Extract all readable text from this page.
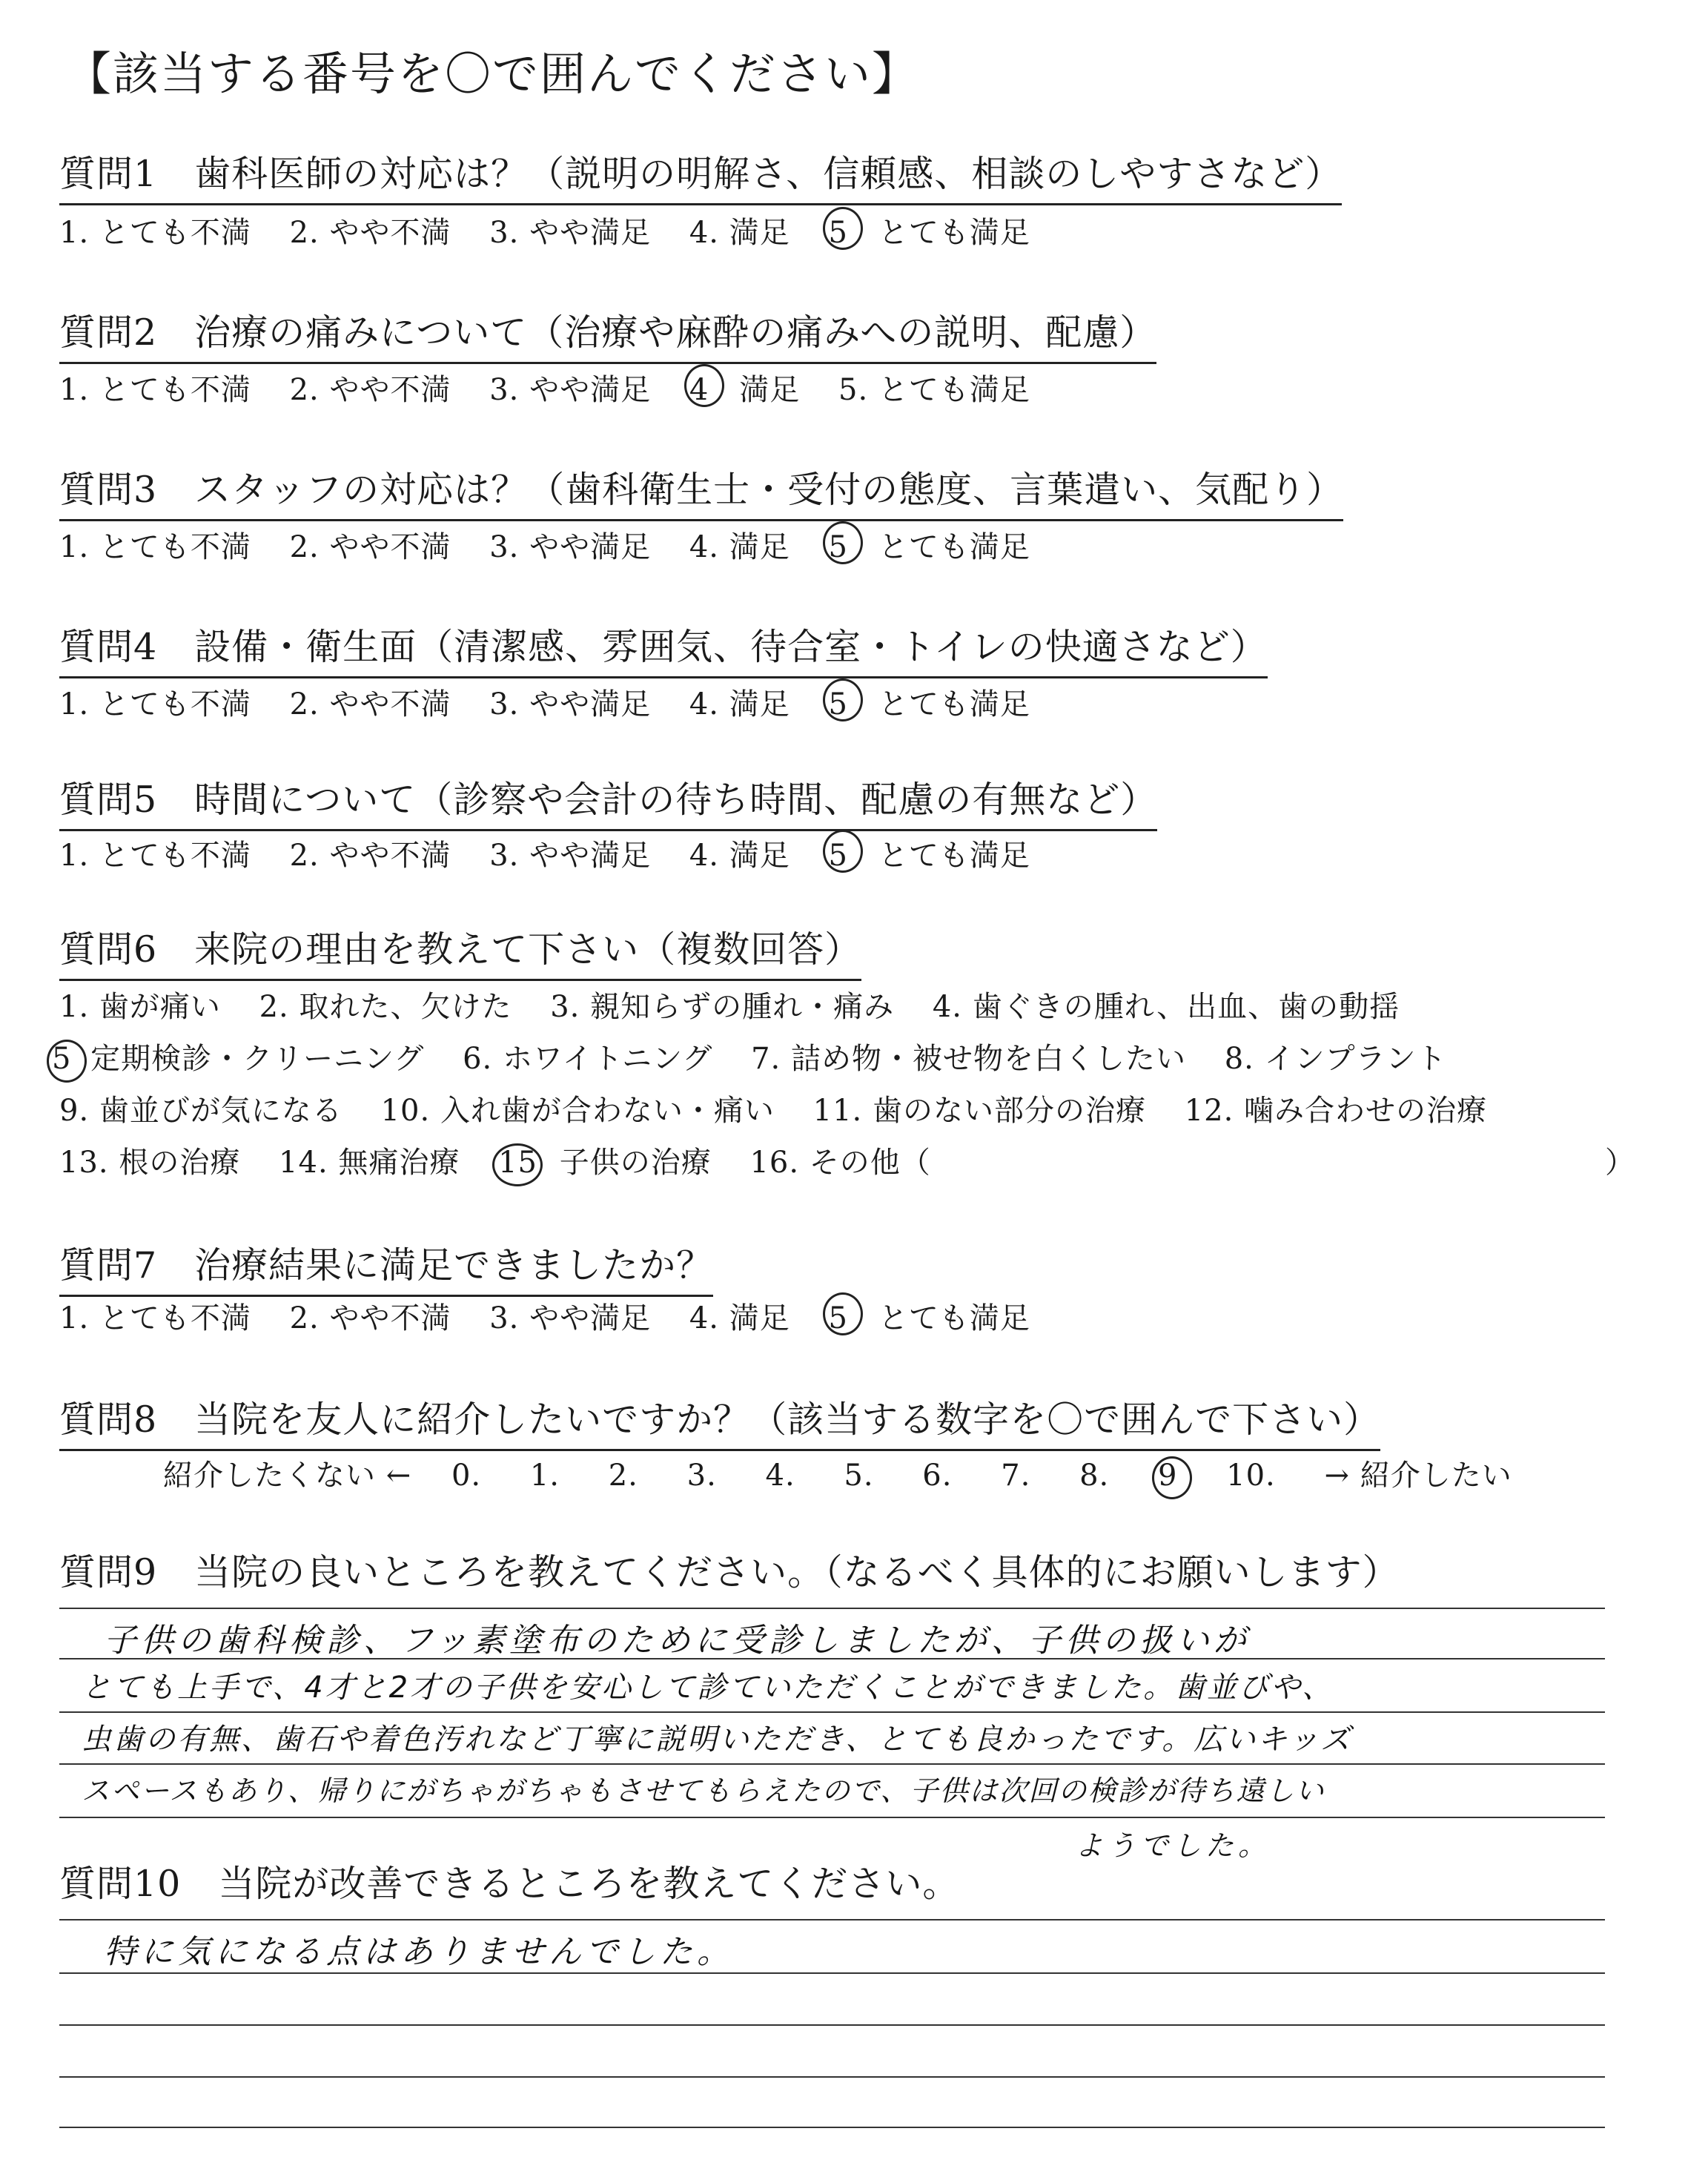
【該当する番号を〇で囲んでください】
質問1　歯科医師の対応は？（説明の明解さ、信頼感、相談のしやすさなど）
1. とても不満 2. やや不満 3. やや満足 4. 満足 5　 とても満足
質問2　治療の痛みについて（治療や麻酔の痛みへの説明、配慮）
1. とても不満 2. やや不満 3. やや満足 4　 満足 5. とても満足
質問3　スタッフの対応は？（歯科衛生士・受付の態度、言葉遣い、気配り）
1. とても不満 2. やや不満 3. やや満足 4. 満足 5　 とても満足
質問4　設備・衛生面（清潔感、雰囲気、待合室・トイレの快適さなど）
1. とても不満 2. やや不満 3. やや満足 4. 満足 5　 とても満足
質問5　時間について（診察や会計の待ち時間、配慮の有無など）
1. とても不満 2. やや不満 3. やや満足 4. 満足 5　 とても満足
質問6　来院の理由を教えて下さい（複数回答）
1. 歯が痛い 2. 取れた、欠けた 3. 親知らずの腫れ・痛み 4. 歯ぐきの腫れ、出血、歯の動揺
5 定期検診・クリーニング 6. ホワイトニング 7. 詰め物・被せ物を白くしたい 8. インプラント
9. 歯並びが気になる 10. 入れ歯が合わない・痛い 11. 歯のない部分の治療 12. 噛み合わせの治療
13. 根の治療 14. 無痛治療 15 子供の治療 16. その他（	）
質問7　治療結果に満足できましたか？
1. とても不満 2. やや不満 3. やや満足 4. 満足 5　 とても満足
質問8　当院を友人に紹介したいですか？（該当する数字を〇で囲んで下さい）
紹介したくない ← 0. 1. 2. 3. 4. 5. 6. 7. 8. 9 10. → 紹介したい
質問9　当院の良いところを教えてください。（なるべく具体的にお願いします）
子供の歯科検診、フッ素塗布のために受診しましたが、子供の扱いが
とても上手で、4才と2才の子供を安心して診ていただくことができました。歯並びや、
虫歯の有無、歯石や着色汚れなど丁寧に説明いただき、とても良かったです。広いキッズ
スペースもあり、帰りにがちゃがちゃもさせてもらえたので、子供は次回の検診が待ち遠しい
ようでした。
質問10　当院が改善できるところを教えてください。
特に気になる点はありませんでした。
